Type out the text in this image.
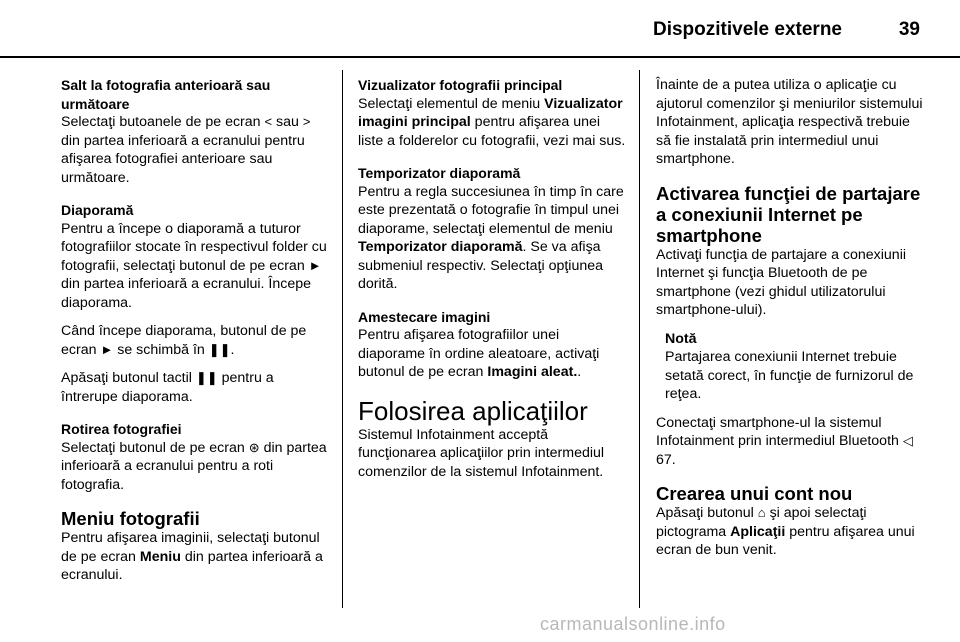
Dispozitivele externe	39
Salt la fotografia anterioară sau următoare
Selectaţi butoanele de pe ecran < sau > din partea inferioară a ecranului pentru afişarea fotografiei anterioare sau următoare.
Diaporamă
Pentru a începe o diaporamă a tuturor fotografiilor stocate în respectivul folder cu fotografii, selectaţi butonul de pe ecran ► din partea inferioară a ecranului. Începe diaporama.
Când începe diaporama, butonul de pe ecran ► se schimbă în ❚❚.
Apăsaţi butonul tactil ❚❚ pentru a întrerupe diaporama.
Rotirea fotografiei
Selectaţi butonul de pe ecran ⊛ din partea inferioară a ecranului pentru a roti fotografia.
Meniu fotografii
Pentru afişarea imaginii, selectaţi butonul de pe ecran Meniu din partea inferioară a ecranului.
Vizualizator fotografii principal
Selectaţi elementul de meniu Vizualizator imagini principal pentru afişarea unei liste a folderelor cu fotografii, vezi mai sus.
Temporizator diaporamă
Pentru a regla succesiunea în timp în care este prezentată o fotografie în timpul unei diaporame, selectaţi elementul de meniu Temporizator diaporamă. Se va afişa submeniul respectiv. Selectaţi opţiunea dorită.
Amestecare imagini
Pentru afişarea fotografiilor unei diaporame în ordine aleatoare, activaţi butonul de pe ecran Imagini aleat..
Folosirea aplicaţiilor
Sistemul Infotainment acceptă funcţionarea aplicaţiilor prin intermediul comenzilor de la sistemul Infotainment.
Înainte de a putea utiliza o aplicaţie cu ajutorul comenzilor şi meniurilor sistemului Infotainment, aplicaţia respectivă trebuie să fie instalată prin intermediul unui smartphone.
Activarea funcţiei de partajare a conexiunii Internet pe smartphone
Activaţi funcţia de partajare a conexiunii Internet şi funcţia Bluetooth de pe smartphone (vezi ghidul utilizatorului smartphone-ului).
Notă
Partajarea conexiunii Internet trebuie setată corect, în funcţie de furnizorul de reţea.
Conectaţi smartphone-ul la sistemul Infotainment prin intermediul Bluetooth ◁ 67.
Crearea unui cont nou
Apăsaţi butonul ⌂ şi apoi selectaţi pictograma Aplicaţii pentru afişarea unui ecran de bun venit.
carmanualsonline.info
